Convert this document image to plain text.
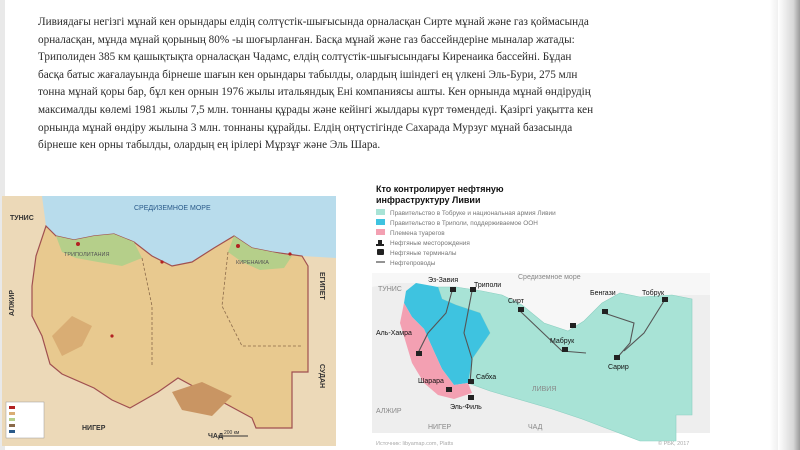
Ливиядағы негізгі мұнай кен орындары елдің солтүстік-шығысында орналасқан Сирте мұнай және газ қоймасында орналасқан, мұнда мұнай қорының 80% -ы шоғырланған. Басқа мұнай және газ бассейндеріне мыналар жатады: Триполиден 385 км қашықтықта орналасқан Чадамс, елдің солтүстік-шығысындағы Киренаика бассейні. Бұдан басқа батыс жағалауында бірнеше шағын кен орындары табылды, олардың ішіндегі ең үлкені Эль-Бури, 275 млн тонна мұнай қоры бар, бұл кен орнын 1976 жылы итальяндық Ені компаниясы ашты. Кен орнында мұнай өндірудің максималды көлемі 1981 жылы 7,5 млн. тоннаны құрады және кейінгі жылдары күрт төмендеді. Қазіргі уақытта кен орнында мұнай өндіру жылына 3 млн. тоннаны құрайды. Елдің оңтүстігінде Сахарада Мурзуг мұнай базасында бірнеше кен орны табылды, олардың ең ірілері Мұрзұғ және Эль Шара.

СРЕДИЗЕМНОЕ МОРЕ
ТУНИС
ТРИПОЛИТАНИЯ
КИРЕНАИКА
ЕГИПЕТ
АЛЖИР
НИГЕР
ЧАД
СУДАН
200 км
Кто контролирует нефтяную
инфраструктуру Ливии
Правительство в Тобруке и национальная армия Ливии
Правительство в Триполи, поддерживаемое ООН
Племена туарегов
Нефтяные месторождения
Нефтяные терминалы
Нефтепроводы
Эз-Завия
Триполи
Средиземное море
ТУНИС
Бенгази
Сирт
Тобрук
Аль-Хамра
Мабрук
Сабха
Шарара
Сарир
Эль-Филь
ЛИВИЯ
АЛЖИР
НИГЕР	ЧАД
Источник: libyamap.com, Platts	© РБК, 2017
